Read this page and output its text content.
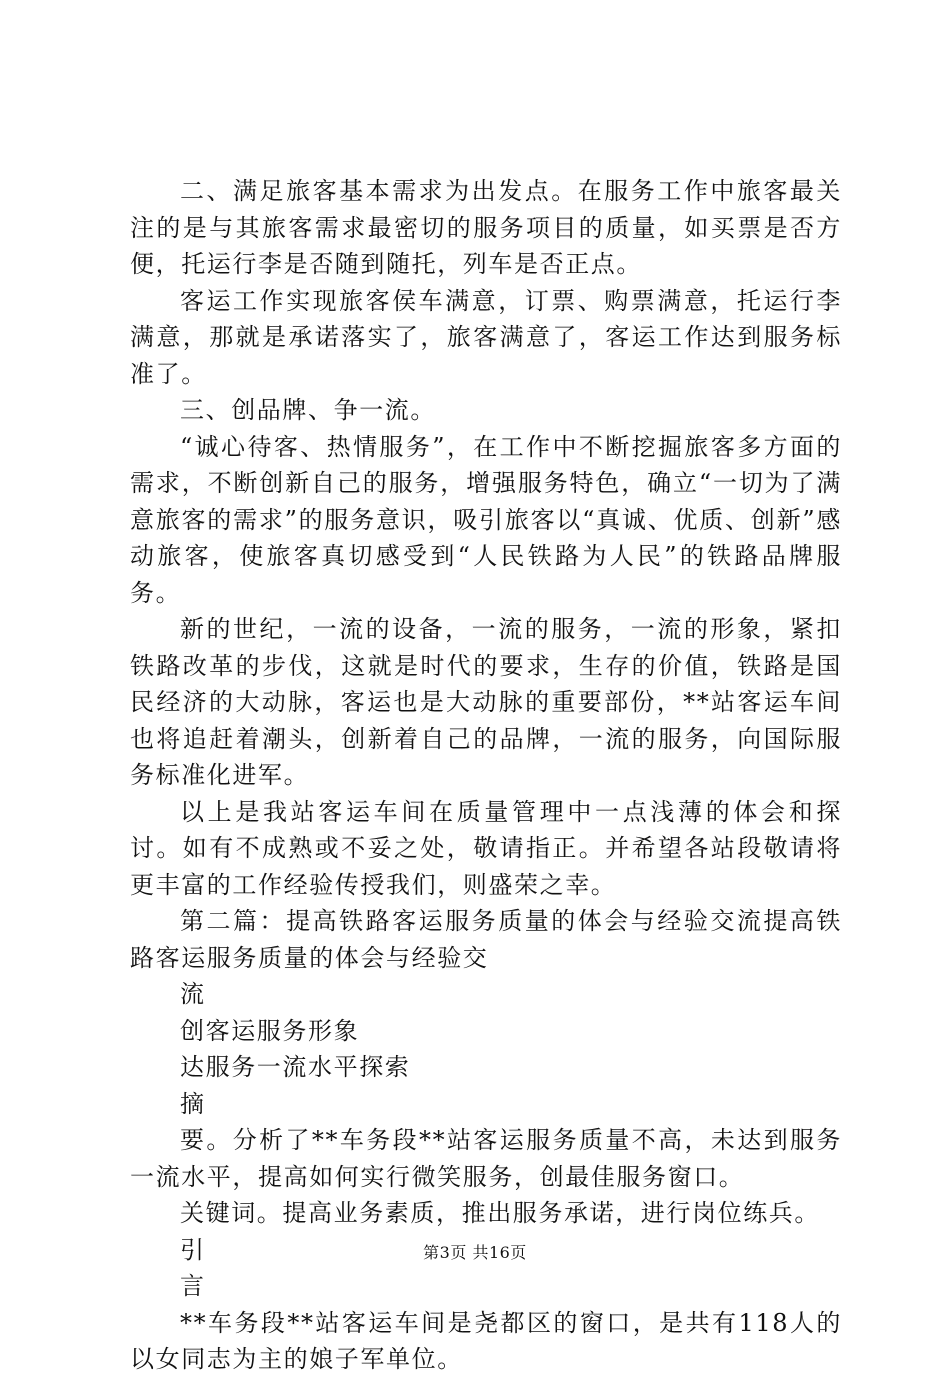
二、满足旅客基本需求为出发点。在服务工作中旅客最关注的是与其旅客需求最密切的服务项目的质量，如买票是否方便，托运行李是否随到随托，列车是否正点。

客运工作实现旅客侯车满意，订票、购票满意，托运行李满意，那就是承诺落实了，旅客满意了，客运工作达到服务标准了。

三、创品牌、争一流。

“诚心待客、热情服务”，在工作中不断挖掘旅客多方面的需求，不断创新自己的服务，增强服务特色，确立“一切为了满意旅客的需求”的服务意识，吸引旅客以“真诚、优质、创新”感动旅客，使旅客真切感受到“人民铁路为人民”的铁路品牌服务。

新的世纪，一流的设备，一流的服务，一流的形象，紧扣铁路改革的步伐，这就是时代的要求，生存的价值，铁路是国民经济的大动脉，客运也是大动脉的重要部份，**站客运车间也将追赶着潮头，创新着自己的品牌，一流的服务，向国际服务标准化进军。

以上是我站客运车间在质量管理中一点浅薄的体会和探讨。如有不成熟或不妥之处，敬请指正。并希望各站段敬请将更丰富的工作经验传授我们，则盛荣之幸。

第二篇：提高铁路客运服务质量的体会与经验交流提高铁路客运服务质量的体会与经验交

流

创客运服务形象

达服务一流水平探索

摘

要。分析了**车务段**站客运服务质量不高，未达到服务一流水平，提高如何实行微笑服务，创最佳服务窗口。

关键词。提高业务素质，推出服务承诺，进行岗位练兵。

引

言

**车务段**站客运车间是尧都区的窗口，是共有118人的以女同志为主的娘子军单位。

第3页 共16页
